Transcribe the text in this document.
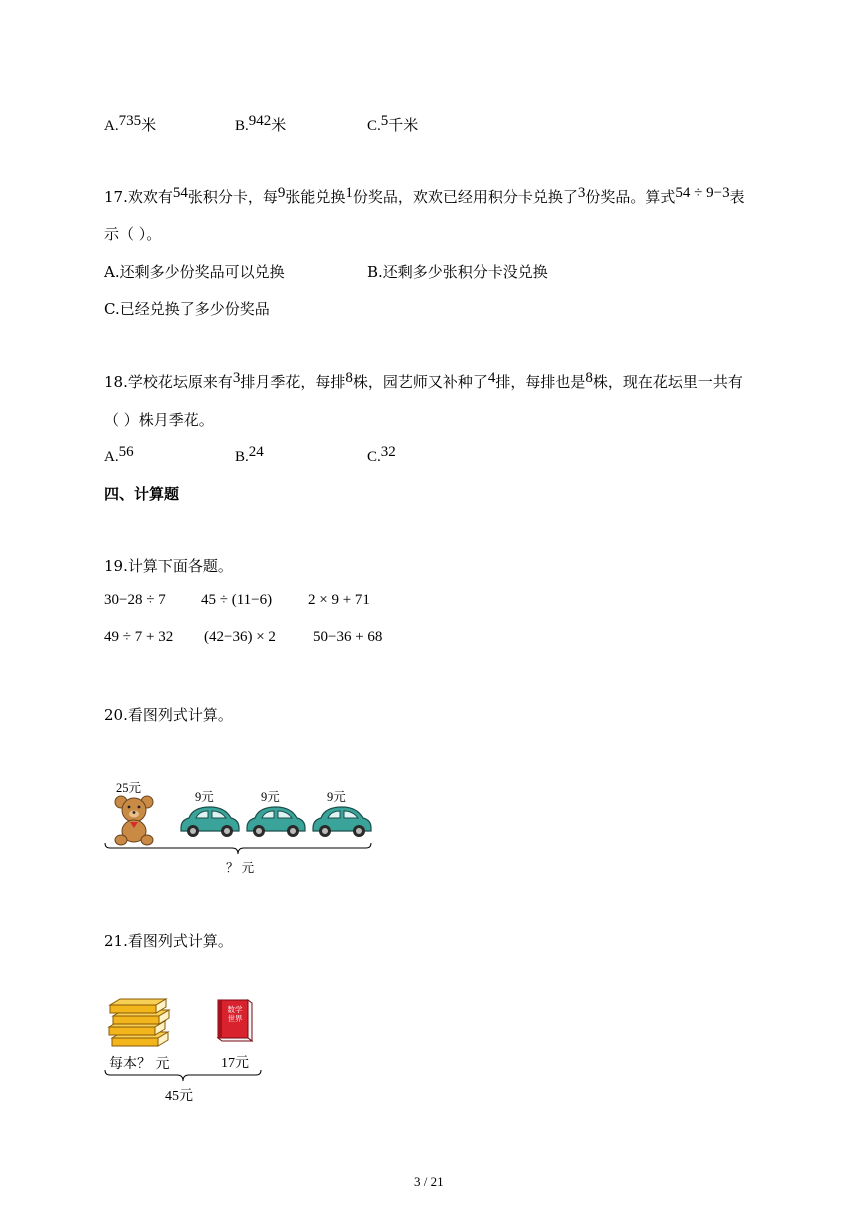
A.$^{735}$米	B.$^{942}$米	C.$^5$千米
17.欢欢有$^{54}$张积分卡，每$^9$张能兑换$^1$份奖品，欢欢已经用积分卡兑换了$^3$份奖品。算式$^{54 \div 9-3}$表
示（ ）。
A.还剩多少份奖品可以兑换	B.还剩多少张积分卡没兑换
C.已经兑换了多少份奖品
18.学校花坛原来有$^3$排月季花，每排$^8$株，园艺师又补种了$^4$排，每排也是$^8$株，现在花坛里一共有
（ ）株月季花。
A.$^{56}$	B.$^{24}$	C.$^{32}$
四、计算题
19.计算下面各题。
30−28 ÷ 7 45 ÷ (11−6) 2 × 9 + 71
49 ÷ 7 + 32 (42−36) × 2 50−36 + 68
20.看图列式计算。
25元
9元	9元	9元
？ 元
21.看图列式计算。
数学
世界
每本？ 元	17元
45元
3 / 21
